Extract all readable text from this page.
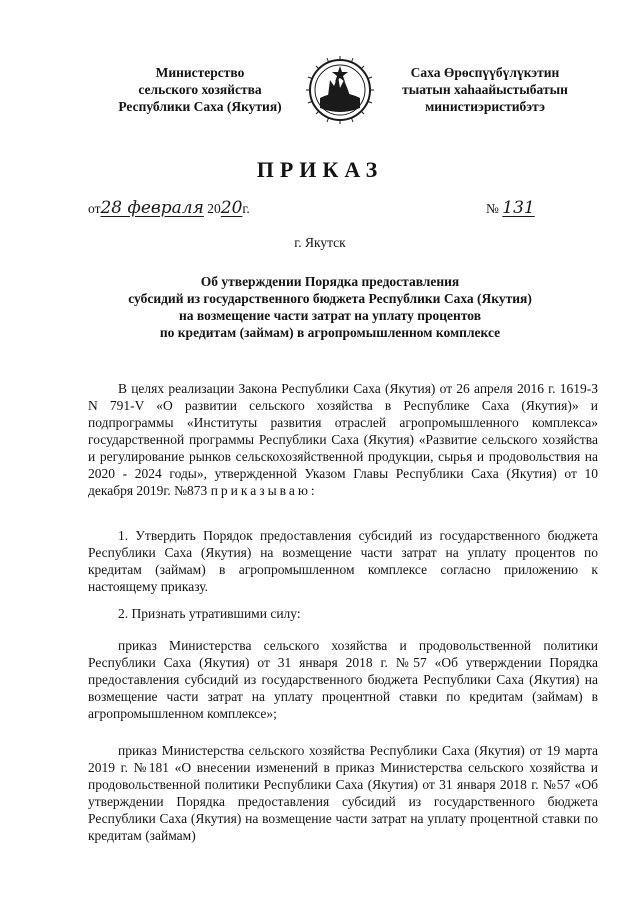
Министерство
сельского хозяйства
Республики Саха (Якутия)
Саха Өрөспүүбүлүкэтин
тыатын хаhаайыстыбатын
министиэристибэтэ
ПРИКАЗ
от28 февраля 2020г.	№ 131
г. Якутск
Об утверждении Порядка предоставления
субсидий из государственного бюджета Республики Саха (Якутия)
на возмещение части затрат на уплату процентов
по кредитам (займам) в агропромышленном комплексе
В целях реализации Закона Республики Саха (Якутия) от 26 апреля 2016 г. 1619-З N 791-V «О развитии сельского хозяйства в Республике Саха (Якутия)» и подпрограммы «Институты развития отраслей агропромышленного комплекса» государственной программы Республики Саха (Якутия) «Развитие сельского хозяйства и регулирование рынков сельскохозяйственной продукции, сырья и продовольствия на 2020 - 2024 годы», утвержденной Указом Главы Республики Саха (Якутия) от 10 декабря 2019г. №873 приказываю:
1. Утвердить Порядок предоставления субсидий из государственного бюджета Республики Саха (Якутия) на возмещение части затрат на уплату процентов по кредитам (займам) в агропромышленном комплексе согласно приложению к настоящему приказу.
2. Признать утратившими силу:
приказ Министерства сельского хозяйства и продовольственной политики Республики Саха (Якутия) от 31 января 2018 г. №57 «Об утверждении Порядка предоставления субсидий из государственного бюджета Республики Саха (Якутия) на возмещение части затрат на уплату процентной ставки по кредитам (займам) в агропромышленном комплексе»;
приказ Министерства сельского хозяйства Республики Саха (Якутия) от 19 марта 2019 г. №181 «О внесении изменений в приказ Министерства сельского хозяйства и продовольственной политики Республики Саха (Якутия) от 31 января 2018 г. №57 «Об утверждении Порядка предоставления субсидий из государственного бюджета Республики Саха (Якутия) на возмещение части затрат на уплату процентной ставки по кредитам (займам)
